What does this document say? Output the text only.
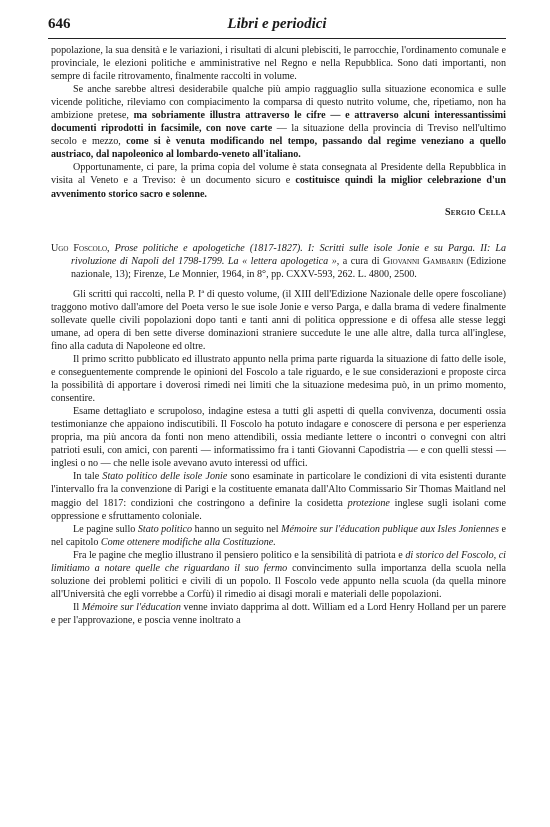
646	Libri e periodici

popolazione, la sua densità e le variazioni, i risultati di alcuni plebisciti, le parrocchie, l'ordinamento comunale e provinciale, le elezioni politiche e amministrative nel Regno e nella Repubblica. Sono dati importanti, non sempre di facile ritrovamento, finalmente raccolti in volume.

Se anche sarebbe altresì desiderabile qualche più ampio ragguaglio sulla situazione economica e sulle vicende politiche, rileviamo con compiacimento la comparsa di questo nutrito volume, che, ripetiamo, non ha ambizione pretese, ma sobriamente illustra attraverso le cifre — e attraverso alcuni interessantissimi documenti riprodotti in facsimile, con nove carte — la situazione della provincia di Treviso nell'ultimo secolo e mezzo, come si è venuta modificando nel tempo, passando dal regime veneziano a quello austriaco, dal napoleonico al lombardo-veneto all'italiano.

Opportunamente, ci pare, la prima copia del volume è stata consegnata al Presidente della Repubblica in visita al Veneto e a Treviso: è un documento sicuro e costituisce quindi la miglior celebrazione d'un avvenimento storico sacro e solenne.

Sergio Cella

Ugo Foscolo, Prose politiche e apologetiche (1817-1827). I: Scritti sulle isole Jonie e su Parga. II: La rivoluzione di Napoli del 1798-1799. La « lettera apologetica », a cura di Giovanni Gambarin (Edizione nazionale, 13); Firenze, Le Monnier, 1964, in 8°, pp. CXXV-593, 262. L. 4800, 2500.

Gli scritti qui raccolti, nella P. Iª di questo volume, (il XIII dell'Edizione Nazionale delle opere foscoliane) traggono motivo dall'amore del Poeta verso le sue isole Jonie e verso Parga, e dalla brama di vedere finalmente sollevate quelle civili popolazioni dopo tanti e tanti anni di politica oppressione e di offesa alle stesse leggi umane, ad opera di ben sette diverse dominazioni straniere succedute le une alle altre, dalla turca all'inglese, fino alla caduta di Napoleone ed oltre.

Il primo scritto pubblicato ed illustrato appunto nella prima parte riguarda la situazione di fatto delle isole, e conseguentemente comprende le opinioni del Foscolo a tale riguardo, e le sue considerazioni e proposte circa la possibilità di apportare i doverosi rimedi nei limiti che la situazione medesima può, in un primo momento, consentire.

Esame dettagliato e scrupoloso, indagine estesa a tutti gli aspetti di quella convivenza, documenti ossia testimonianze che appaiono indiscutibili. Il Foscolo ha potuto indagare e conoscere di persona e per esperienza propria, ma più ancora da fonti non meno attendibili, ossia mediante lettere o incontri o convegni con altri patrioti esuli, con amici, con parenti — informatissimo fra i tanti Giovanni Capodistria — e con quelli stessi — inglesi o no — che nelle isole avevano avuto interessi od uffici.

In tale Stato politico delle isole Jonie sono esaminate in particolare le condizioni di vita esistenti durante l'intervallo fra la convenzione di Parigi e la costituente emanata dall'Alto Commissario Sir Thomas Maitland nel maggio del 1817: condizioni che costringono a definire la cosidetta protezione inglese sugli isolani come oppressione e sfruttamento coloniale.

Le pagine sullo Stato politico hanno un seguito nel Mémoire sur l'éducation publique aux Isles Joniennes e nel capitolo Come ottenere modifiche alla Costituzione.

Fra le pagine che meglio illustrano il pensiero politico e la sensibilità di patriota e di storico del Foscolo, ci limitiamo a notare quelle che riguardano il suo fermo convincimento sulla importanza della scuola nella soluzione dei problemi politici e civili di un popolo. Il Foscolo vede appunto nella scuola (da quella minore all'Università che egli vorrebbe a Corfù) il rimedio ai disagi morali e materiali delle popolazioni.

Il Mémoire sur l'éducation venne inviato dapprima al dott. William ed a Lord Henry Holland per un parere e per l'approvazione, e poscia venne inoltrato a
